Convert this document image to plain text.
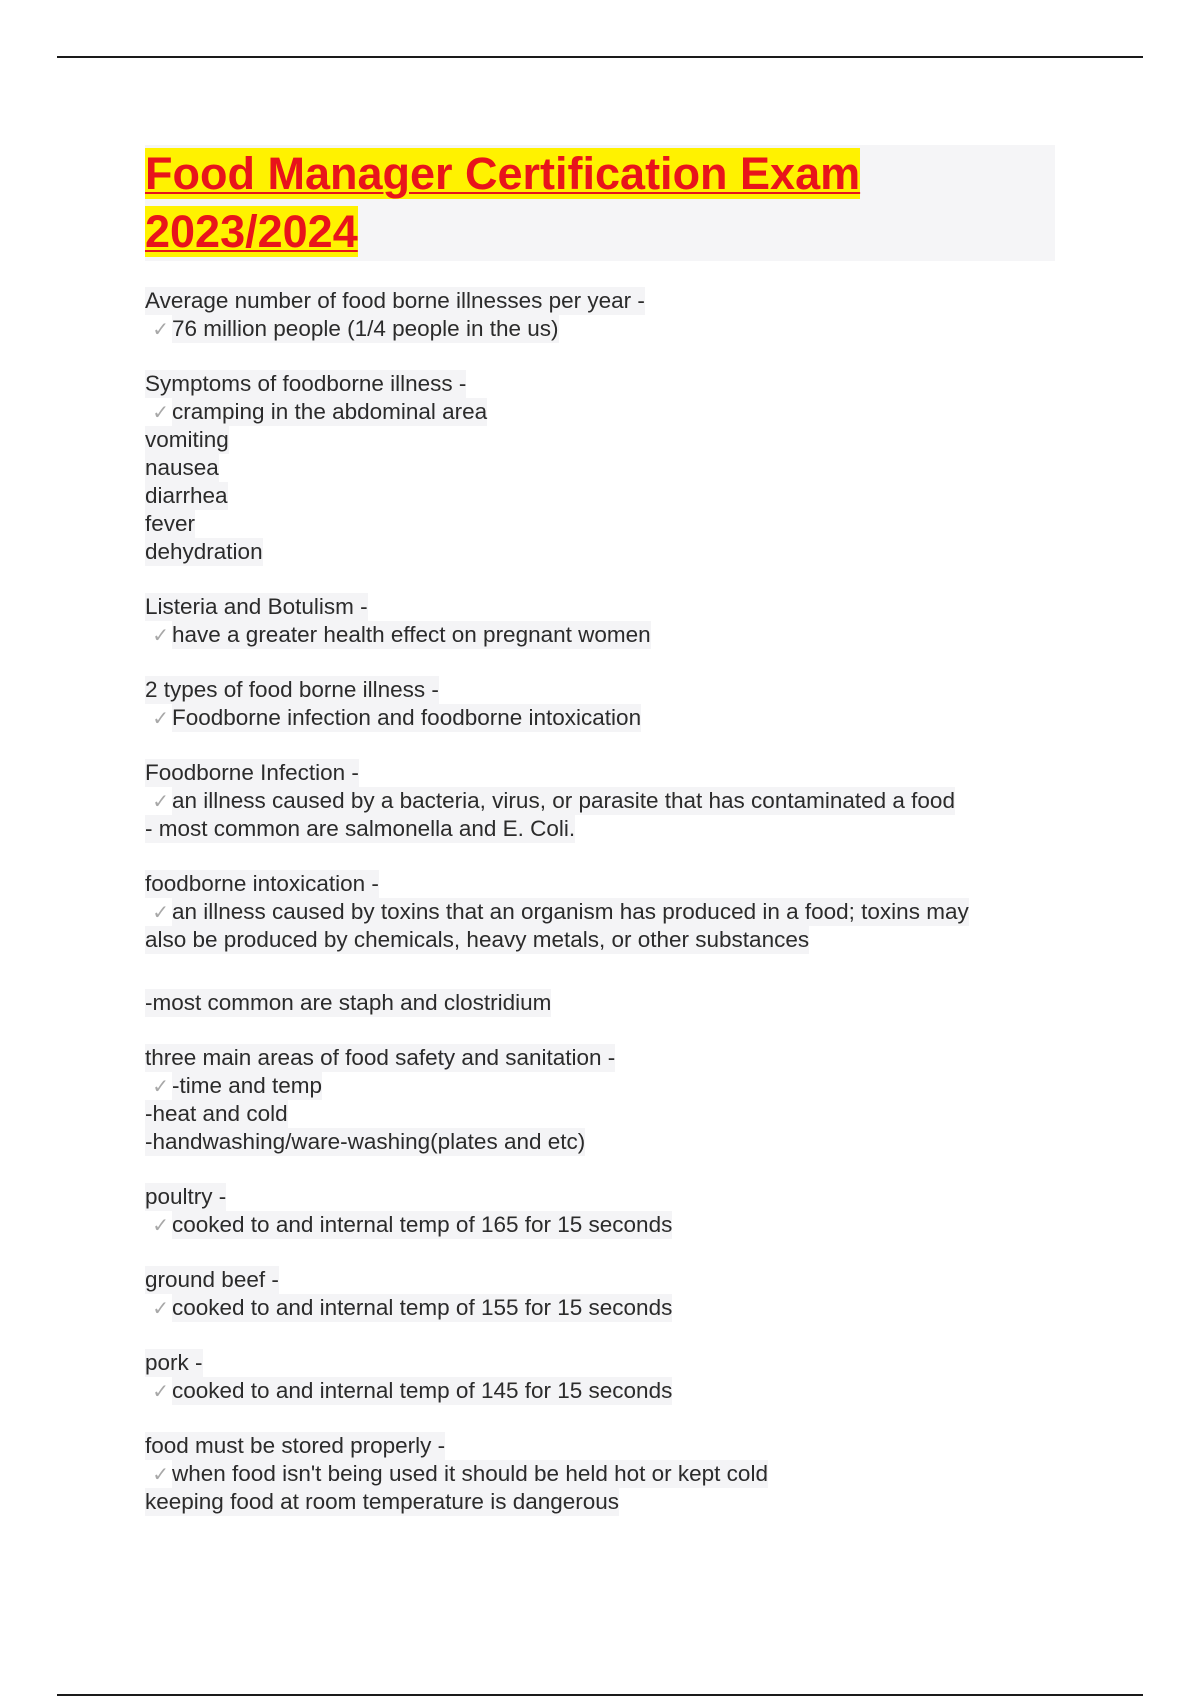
Food Manager Certification Exam 2023/2024
Average number of food borne illnesses per year -
✓ 76 million people (1/4 people in the us)
Symptoms of foodborne illness -
✓ cramping in the abdominal area
vomiting
nausea
diarrhea
fever
dehydration
Listeria and Botulism -
✓ have a greater health effect on pregnant women
2 types of food borne illness -
✓ Foodborne infection and foodborne intoxication
Foodborne Infection -
✓ an illness caused by a bacteria, virus, or parasite that has contaminated a food
- most common are salmonella and E. Coli.
foodborne intoxication -
✓ an illness caused by toxins that an organism has produced in a food; toxins may
also be produced by chemicals, heavy metals, or other substances
-most common are staph and clostridium
three main areas of food safety and sanitation -
✓ -time and temp
-heat and cold
-handwashing/ware-washing(plates and etc)
poultry -
✓ cooked to and internal temp of 165 for 15 seconds
ground beef -
✓ cooked to and internal temp of 155 for 15 seconds
pork -
✓ cooked to and internal temp of 145 for 15 seconds
food must be stored properly -
✓ when food isn't being used it should be held hot or kept cold
keeping food at room temperature is dangerous
